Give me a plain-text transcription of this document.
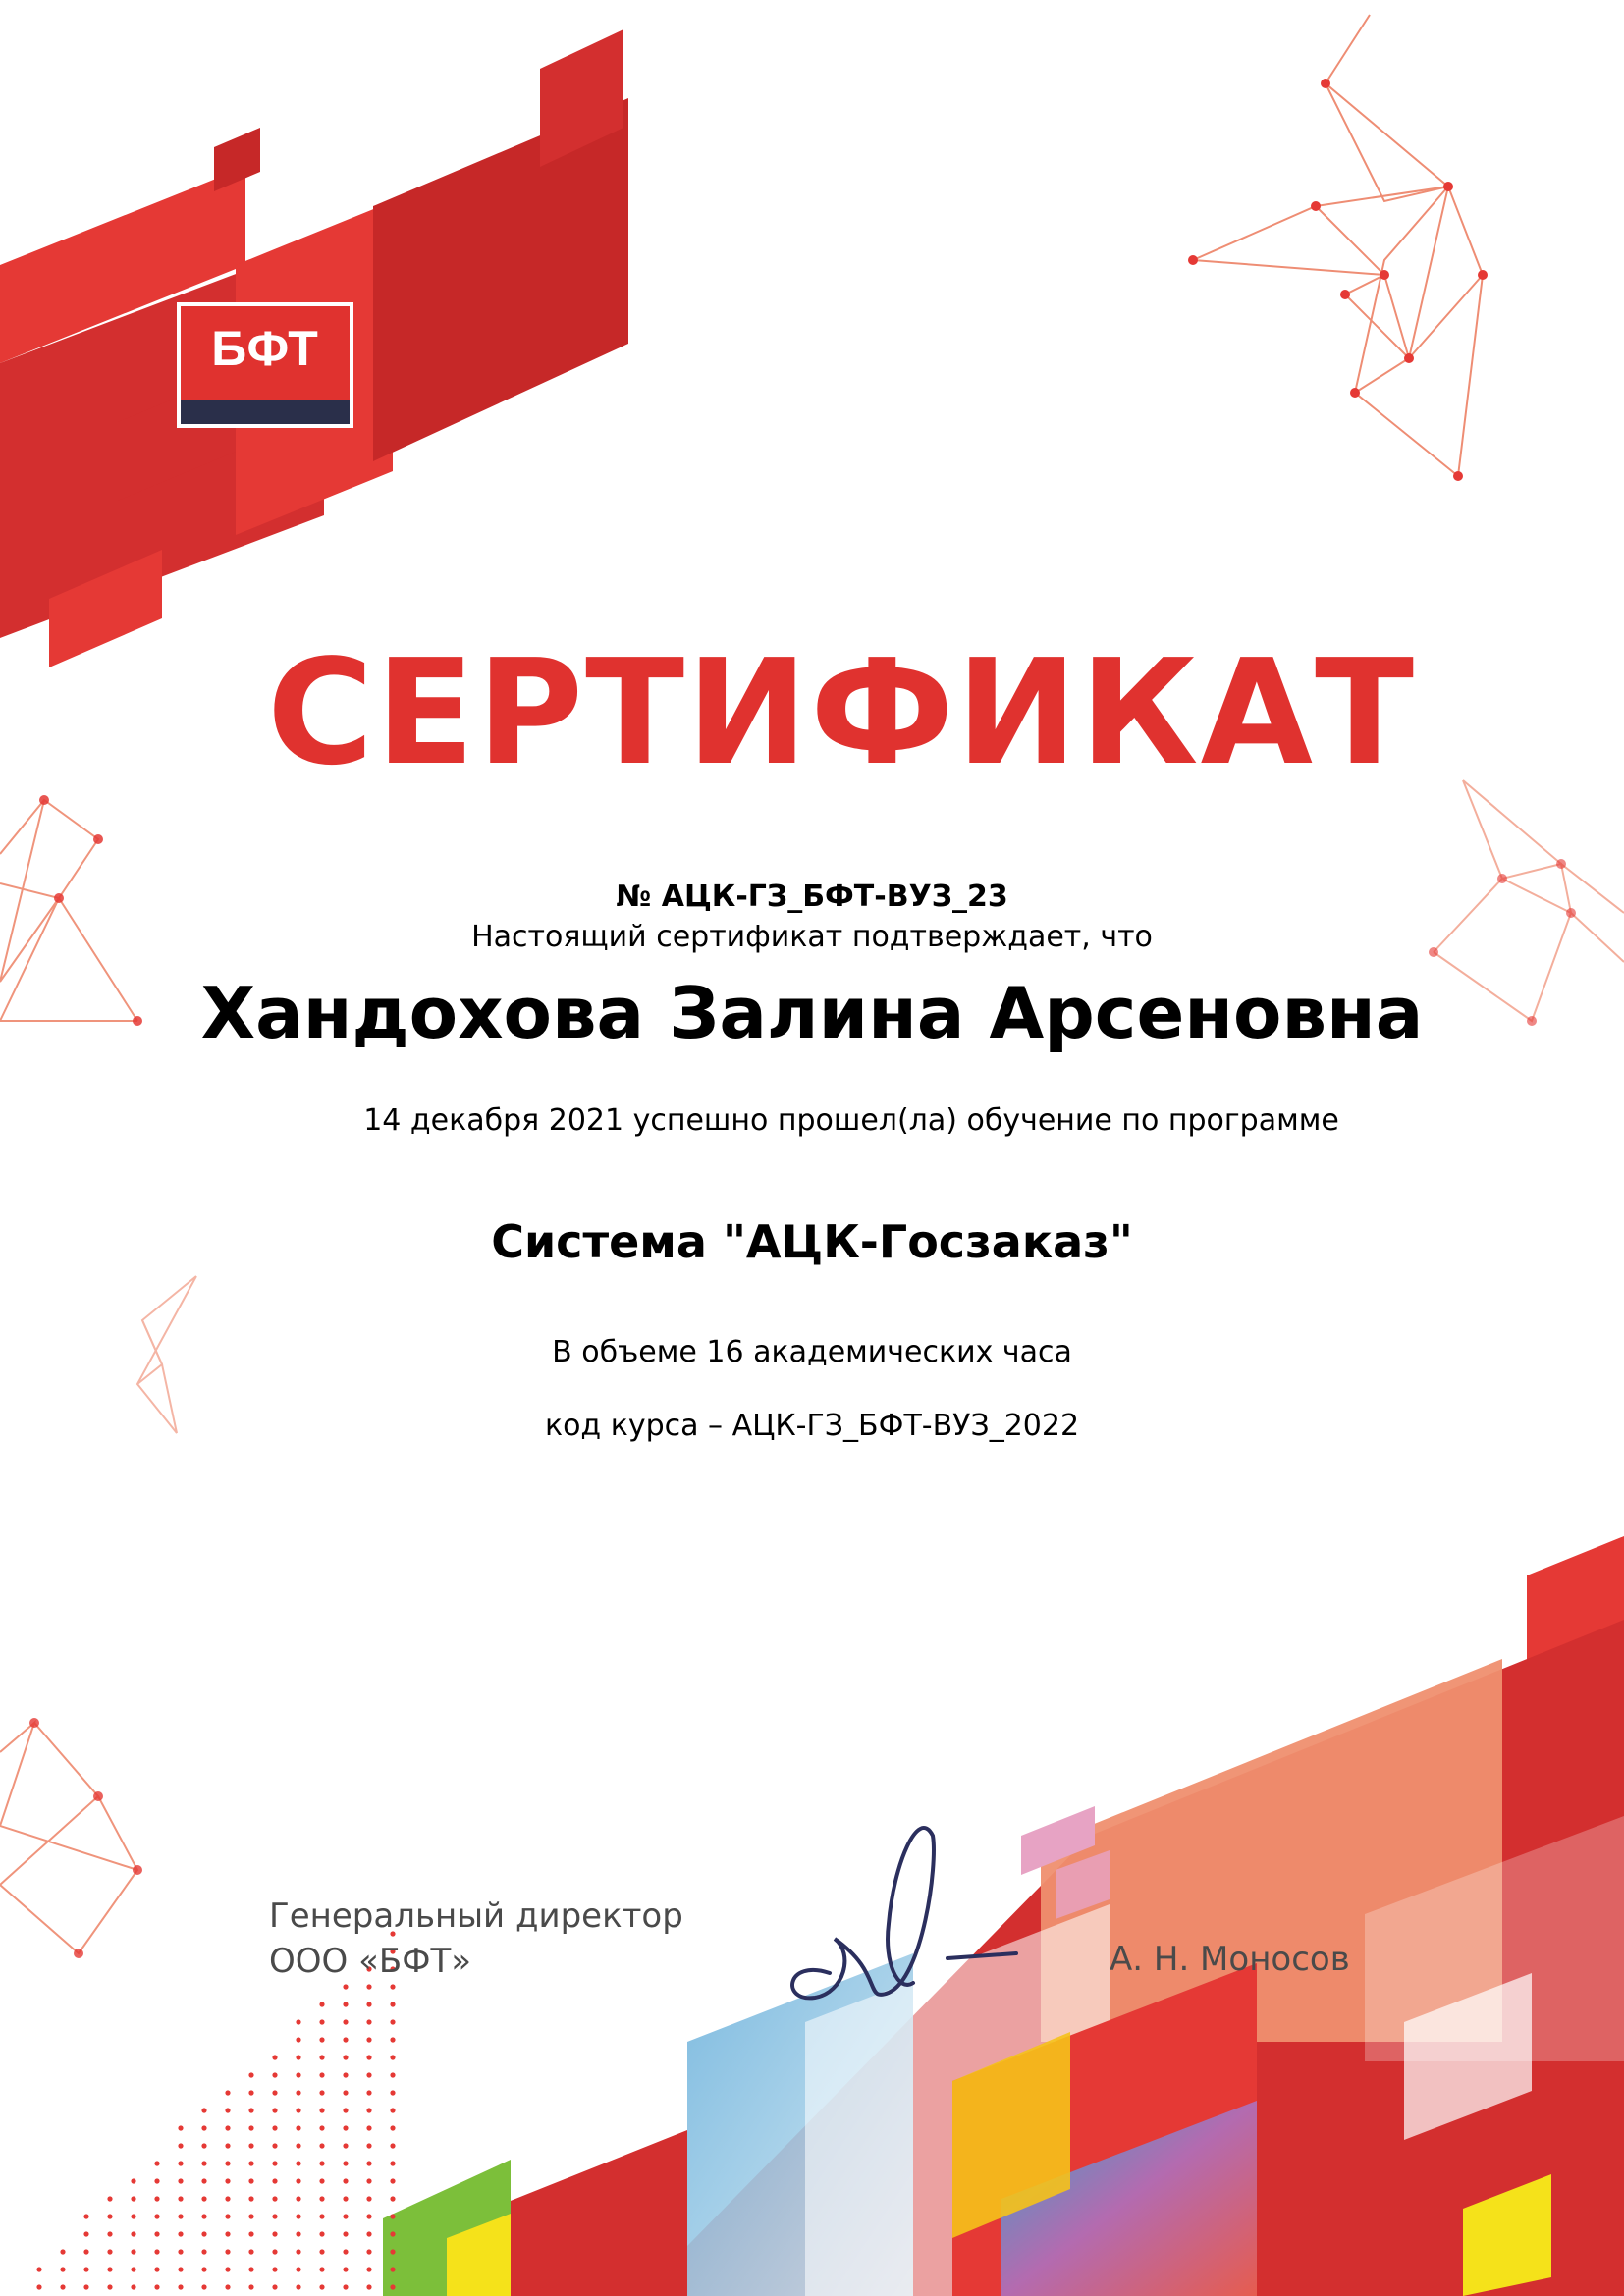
БФТ
СЕРТИФИКАТ
№ АЦК-ГЗ_БФТ-ВУЗ_23
Настоящий сертификат подтверждает, что
Хандохова Залина Арсеновна
14 декабря 2021 успешно прошел(ла) обучение по программе
Система "АЦК-Госзаказ"
В объеме 16 академических часа
код курса – АЦК-ГЗ_БФТ-ВУЗ_2022
Генеральный директор
ООО «БФТ»	А. Н. Моносов
